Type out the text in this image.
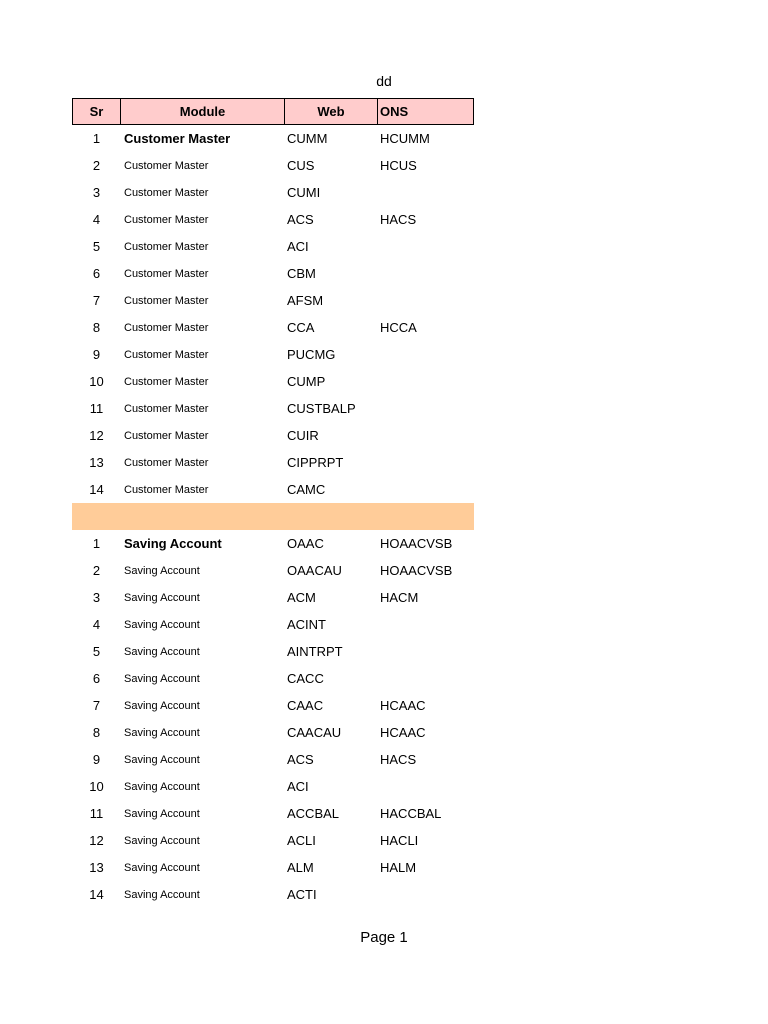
dd
Sr	Module	Web	ONS
1	Customer Master	CUMM	HCUMM
2	Customer Master	CUS	HCUS
3	Customer Master	CUMI
4	Customer Master	ACS	HACS
5	Customer Master	ACI
6	Customer Master	CBM
7	Customer Master	AFSM
8	Customer Master	CCA	HCCA
9	Customer Master	PUCMG
10	Customer Master	CUMP
11	Customer Master	CUSTBALP
12	Customer Master	CUIR
13	Customer Master	CIPPRPT
14	Customer Master	CAMC
1	Saving Account	OAAC	HOAACVSB
2	Saving Account	OAACAU	HOAACVSB
3	Saving Account	ACM	HACM
4	Saving Account	ACINT
5	Saving Account	AINTRPT
6	Saving Account	CACC
7	Saving Account	CAAC	HCAAC
8	Saving Account	CAACAU	HCAAC
9	Saving Account	ACS	HACS
10	Saving Account	ACI
11	Saving Account	ACCBAL	HACCBAL
12	Saving Account	ACLI	HACLI
13	Saving Account	ALM	HALM
14	Saving Account	ACTI
Page 1
